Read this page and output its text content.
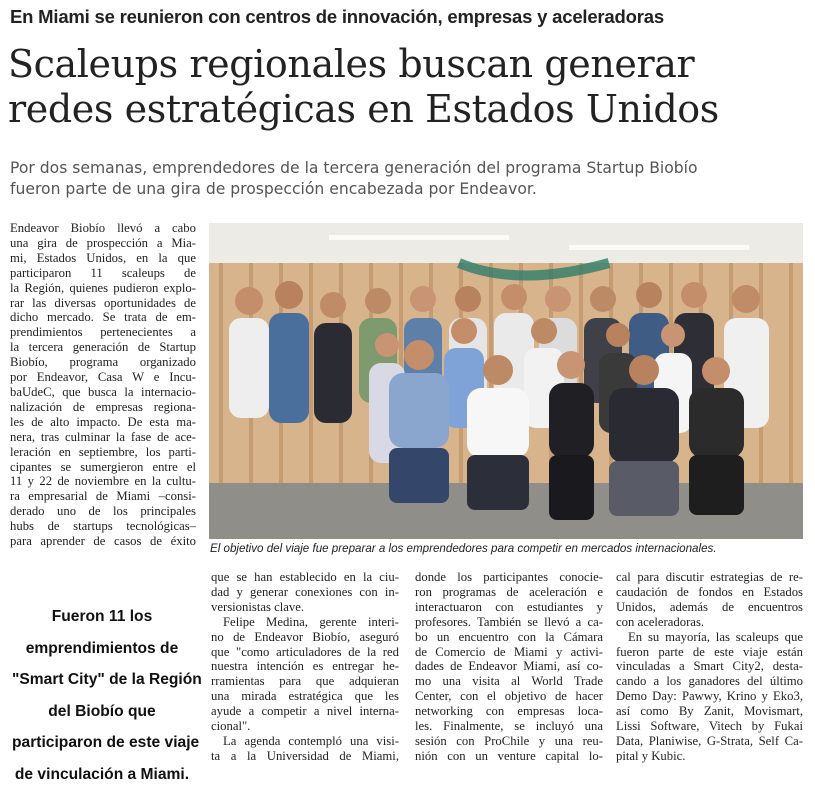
En Miami se reunieron con centros de innovación, empresas y aceleradoras
Scaleups regionales buscan generar
redes estratégicas en Estados Unidos
Por dos semanas, emprendedores de la tercera generación del programa Startup Biobío
fueron parte de una gira de prospección encabezada por Endeavor.
Endeavor Biobío llevó a cabo
una gira de prospección a Mia-
mi, Estados Unidos, en la que
participaron 11 scaleups de
la Región, quienes pudieron explo-
rar las diversas oportunidades de
dicho mercado. Se trata de em-
prendimientos pertenecientes a
la tercera generación de Startup
Biobío, programa organizado
por Endeavor, Casa W e Incu-
baUdeC, que busca la internacio-
nalización de empresas regiona-
les de alto impacto. De esta ma-
nera, tras culminar la fase de ace-
leración en septiembre, los parti-
cipantes se sumergieron entre el
11 y 22 de noviembre en la cultu-
ra empresarial de Miami –consi-
derado uno de los principales
hubs de startups tecnológicas–
para aprender de casos de éxito
El objetivo del viaje fue preparar a los emprendedores para competir en mercados internacionales.
Fueron 11 los
emprendimientos de
"Smart City" de la Región
del Biobío que
participaron de este viaje
de vinculación a Miami.
que se han establecido en la ciu-
dad y generar conexiones con in-
versionistas clave.
Felipe Medina, gerente interi-
no de Endeavor Biobío, aseguró
que "como articuladores de la red
nuestra intención es entregar he-
rramientas para que adquieran
una mirada estratégica que les
ayude a competir a nivel interna-
cional".
La agenda contempló una visi-
ta a la Universidad de Miami,
donde los participantes conocie-
ron programas de aceleración e
interactuaron con estudiantes y
profesores. También se llevó a ca-
bo un encuentro con la Cámara
de Comercio de Miami y activi-
dades de Endeavor Miami, así co-
mo una visita al World Trade
Center, con el objetivo de hacer
networking con empresas loca-
les. Finalmente, se incluyó una
sesión con ProChile y una reu-
nión con un venture capital lo-
cal para discutir estrategias de re-
caudación de fondos en Estados
Unidos, además de encuentros
con aceleradoras.
En su mayoría, las scaleups que
fueron parte de este viaje están
vinculadas a Smart City2, desta-
cando a los ganadores del último
Demo Day: Pawwy, Krino y Eko3,
así como By Zanit, Movismart,
Lissi Software, Vitech by Fukai
Data, Planiwise, G-Strata, Self Ca-
pital y Kubic.
